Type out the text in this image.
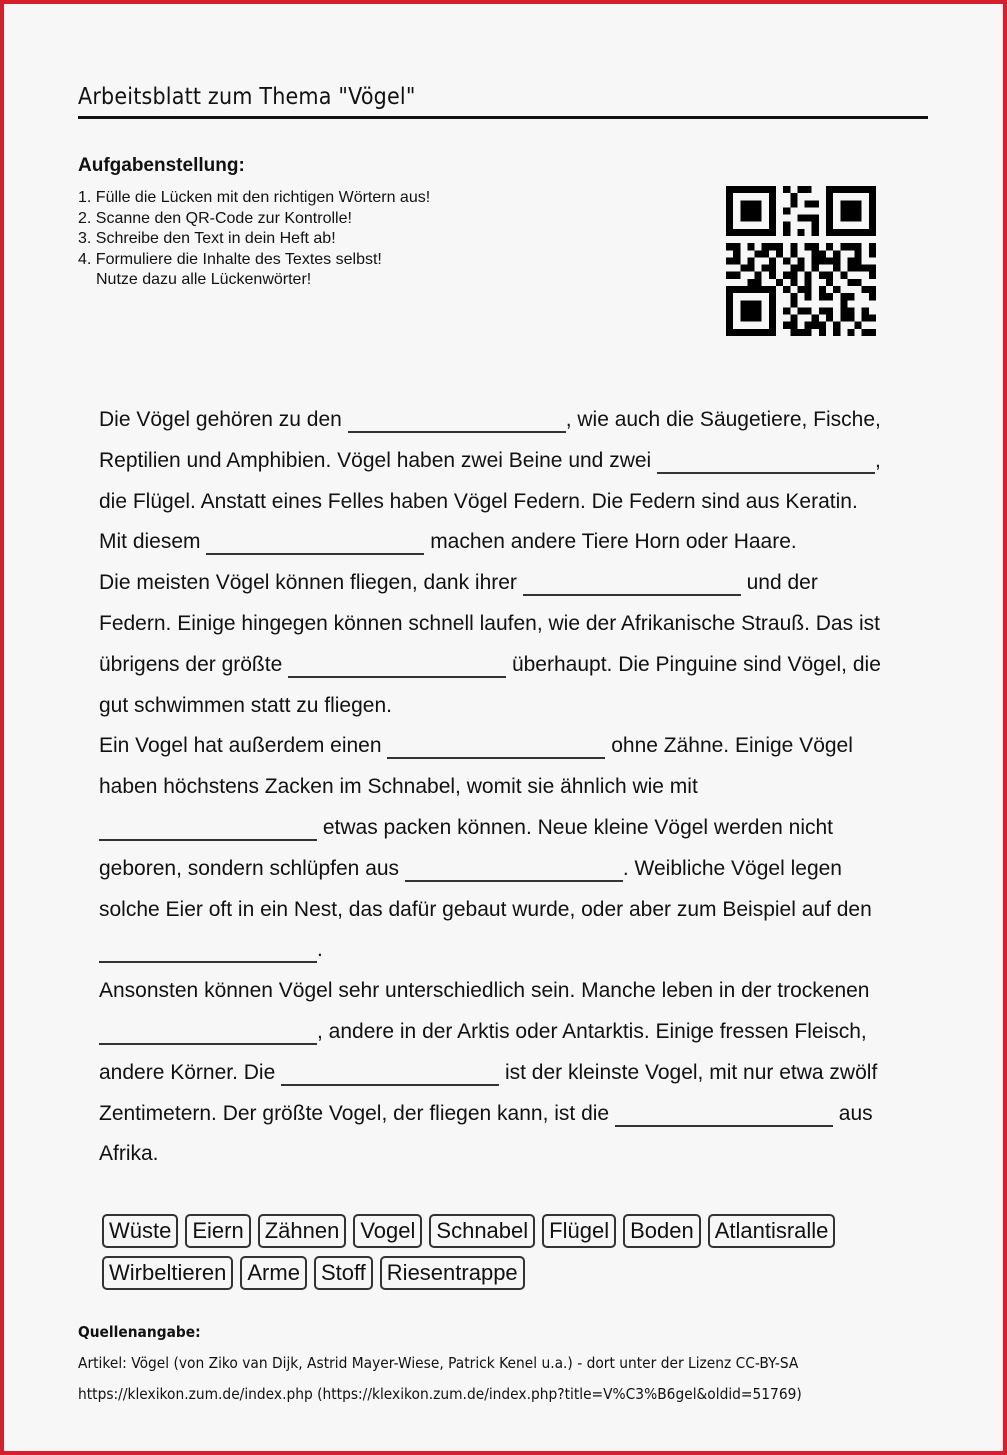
Arbeitsblatt zum Thema "Vögel"
Aufgabenstellung:
1. Fülle die Lücken mit den richtigen Wörtern aus!
2. Scanne den QR-Code zur Kontrolle!
3. Schreibe den Text in dein Heft ab!
4. Formuliere die Inhalte des Textes selbst!
Nutze dazu alle Lückenwörter!
Die Vögel gehören zu den	, wie auch die Säugetiere, Fische,
Reptilien und Amphibien. Vögel haben zwei Beine und zwei	,
die Flügel. Anstatt eines Felles haben Vögel Federn. Die Federn sind aus Keratin.
Mit diesem	machen andere Tiere Horn oder Haare.
Die meisten Vögel können fliegen, dank ihrer	und der
Federn. Einige hingegen können schnell laufen, wie der Afrikanische Strauß. Das ist
übrigens der größte	überhaupt. Die Pinguine sind Vögel, die
gut schwimmen statt zu fliegen.
Ein Vogel hat außerdem einen	ohne Zähne. Einige Vögel
haben höchstens Zacken im Schnabel, womit sie ähnlich wie mit
etwas packen können. Neue kleine Vögel werden nicht
geboren, sondern schlüpfen aus	. Weibliche Vögel legen
solche Eier oft in ein Nest, das dafür gebaut wurde, oder aber zum Beispiel auf den
.
Ansonsten können Vögel sehr unterschiedlich sein. Manche leben in der trockenen
, andere in der Arktis oder Antarktis. Einige fressen Fleisch,
andere Körner. Die	ist der kleinste Vogel, mit nur etwa zwölf
Zentimetern. Der größte Vogel, der fliegen kann, ist die	aus
Afrika.
Wüste Eiern Zähnen Vogel Schnabel Flügel Boden Atlantisralle
Wirbeltieren Arme Stoff Riesentrappe
Quellenangabe:
Artikel: Vögel (von Ziko van Dijk, Astrid Mayer-Wiese, Patrick Kenel u.a.) - dort unter der Lizenz CC-BY-SA
https://klexikon.zum.de/index.php (https://klexikon.zum.de/index.php?title=V%C3%B6gel&oldid=51769)
